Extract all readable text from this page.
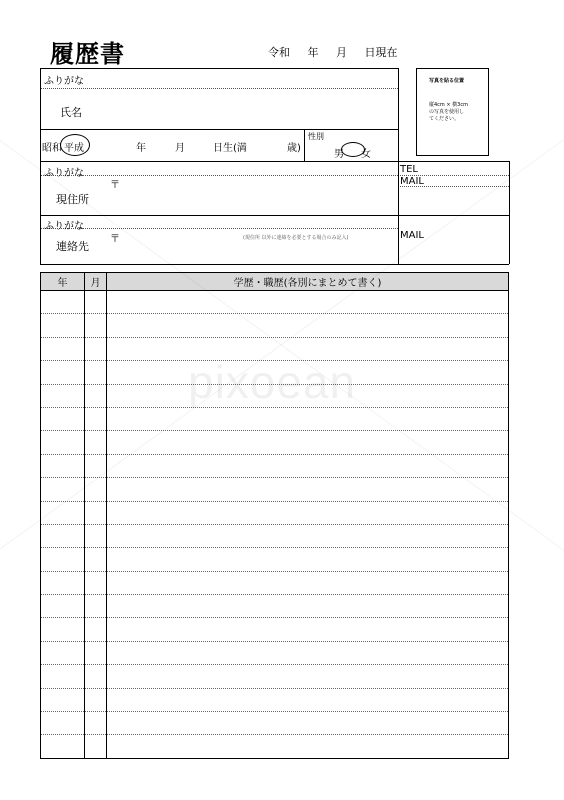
履歴書	令和 年 月 日現在
ふりがな
氏名
写真を貼る位置
縦4cm × 横3cm
の写真を使用し
てください。
昭和 平成	年	月	日生(満	歳)
性別
男 女
ふりがな
〒
現住所
TEL
MAIL
ふりがな
〒
連絡先
(現住所 以外に連絡を必要とする場合のみ記入)	MAIL
年	月	学歴・職歴(各別にまとめて書く)

pixoean
